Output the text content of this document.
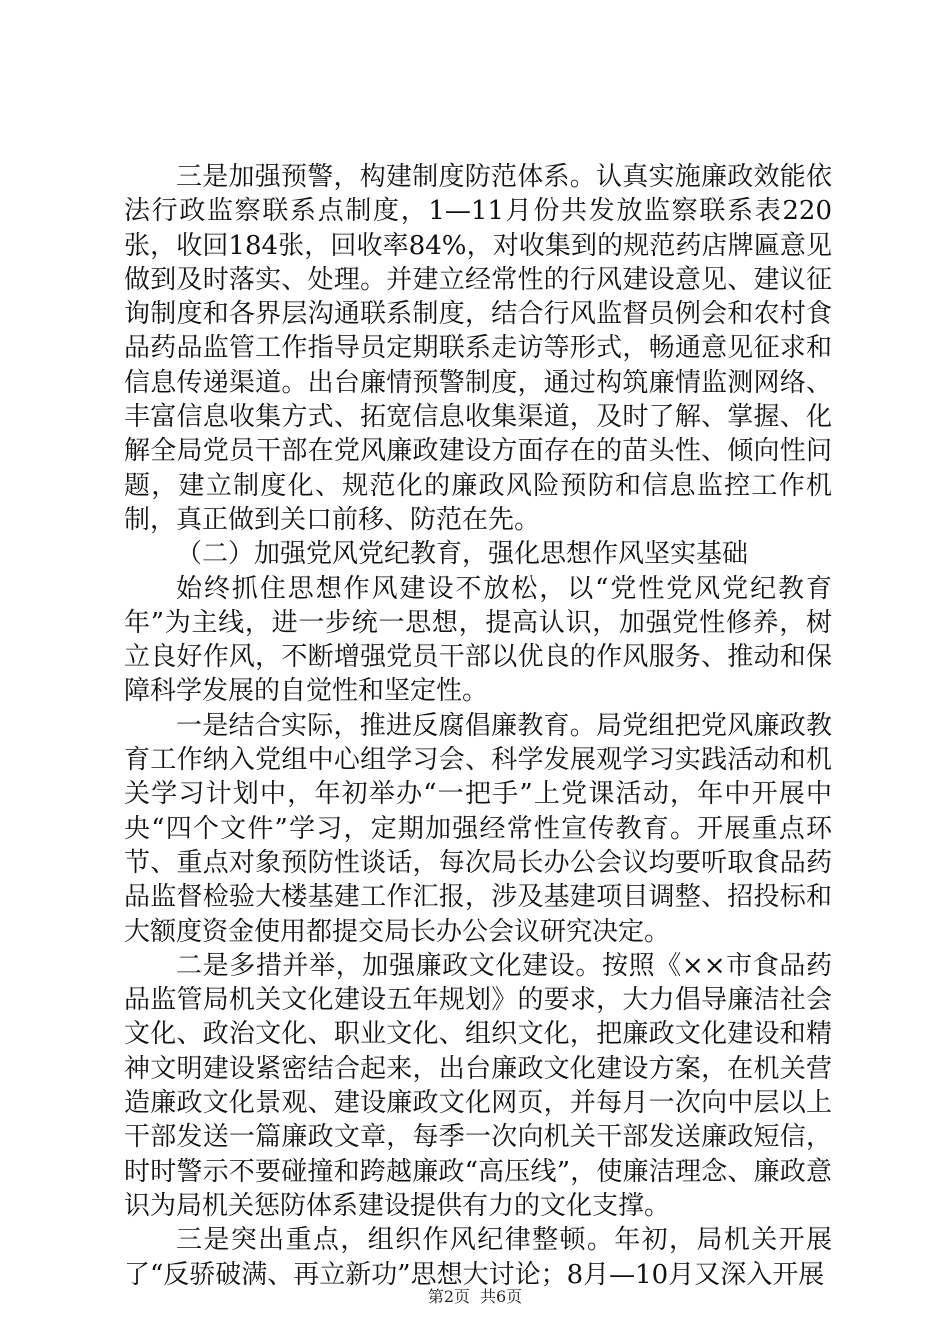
三是加强预警，构建制度防范体系。认真实施廉政效能依法行政监察联系点制度，1—11月份共发放监察联系表220张，收回184张，回收率84%，对收集到的规范药店牌匾意见做到及时落实、处理。并建立经常性的行风建设意见、建议征询制度和各界层沟通联系制度，结合行风监督员例会和农村食品药品监管工作指导员定期联系走访等形式，畅通意见征求和信息传递渠道。出台廉情预警制度，通过构筑廉情监测网络、丰富信息收集方式、拓宽信息收集渠道，及时了解、掌握、化解全局党员干部在党风廉政建设方面存在的苗头性、倾向性问题，建立制度化、规范化的廉政风险预防和信息监控工作机制，真正做到关口前移、防范在先。

（二）加强党风党纪教育，强化思想作风坚实基础

始终抓住思想作风建设不放松，以“党性党风党纪教育年”为主线，进一步统一思想，提高认识，加强党性修养，树立良好作风，不断增强党员干部以优良的作风服务、推动和保障科学发展的自觉性和坚定性。

一是结合实际，推进反腐倡廉教育。局党组把党风廉政教育工作纳入党组中心组学习会、科学发展观学习实践活动和机关学习计划中，年初举办“一把手”上党课活动，年中开展中央“四个文件”学习，定期加强经常性宣传教育。开展重点环节、重点对象预防性谈话，每次局长办公会议均要听取食品药品监督检验大楼基建工作汇报，涉及基建项目调整、招投标和大额度资金使用都提交局长办公会议研究决定。

二是多措并举，加强廉政文化建设。按照《××市食品药品监管局机关文化建设五年规划》的要求，大力倡导廉洁社会文化、政治文化、职业文化、组织文化，把廉政文化建设和精神文明建设紧密结合起来，出台廉政文化建设方案，在机关营造廉政文化景观、建设廉政文化网页，并每月一次向中层以上干部发送一篇廉政文章，每季一次向机关干部发送廉政短信，时时警示不要碰撞和跨越廉政“高压线”，使廉洁理念、廉政意识为局机关惩防体系建设提供有力的文化支撑。

三是突出重点，组织作风纪律整顿。年初，局机关开展了“反骄破满、再立新功”思想大讨论；8月—10月又深入开展

第2页 共6页
